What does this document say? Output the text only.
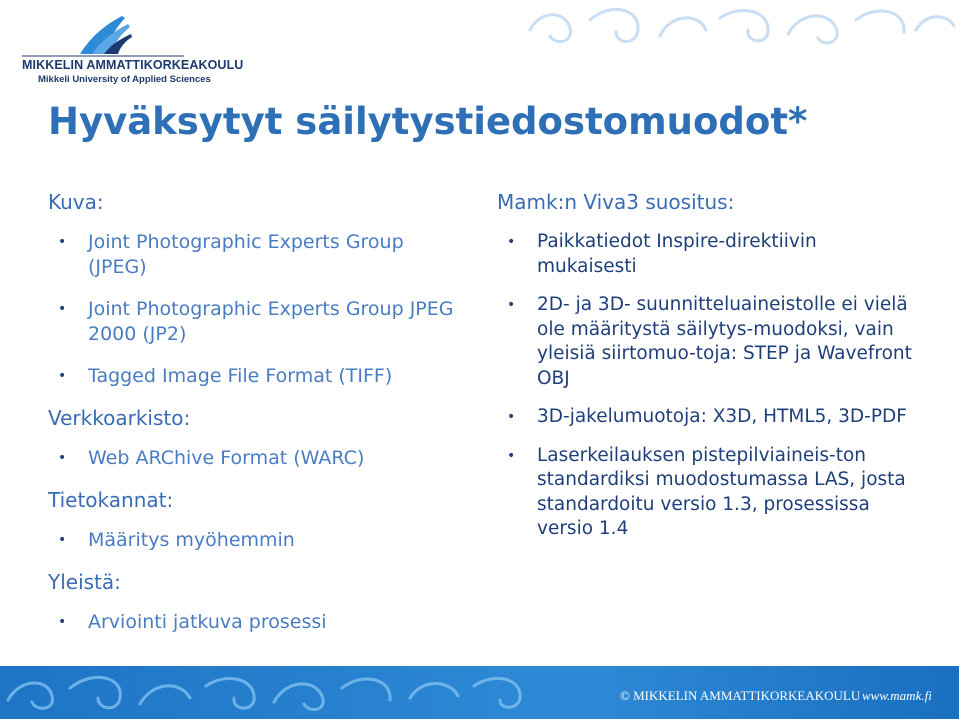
MIKKELIN AMMATTIKORKEAKOULU
Mikkeli University of Applied Sciences
Hyväksytyt säilytystiedostomuodot*
Kuva:
• Joint Photographic Experts Group (JPEG)
• Joint Photographic Experts Group JPEG 2000 (JP2)
• Tagged Image File Format (TIFF)
Verkkoarkisto:
• Web ARChive Format (WARC)
Tietokannat:
• Määritys myöhemmin
Yleistä:
• Arviointi jatkuva prosessi
Mamk:n Viva3 suositus:
• Paikkatiedot Inspire-direktiivin mukaisesti
• 2D- ja 3D- suunnitteluaineistolle ei vielä ole määritystä säilytys-muodoksi, vain yleisiä siirtomuo-toja: STEP ja Wavefront OBJ
• 3D-jakelumuotoja: X3D, HTML5, 3D-PDF
• Laserkeilauksen pistepilviaineis-ton standardiksi muodostumassa LAS, josta standardoitu versio 1.3, prosessissa versio 1.4
© MIKKELIN AMMATTIKORKEAKOULU www.mamk.fi
